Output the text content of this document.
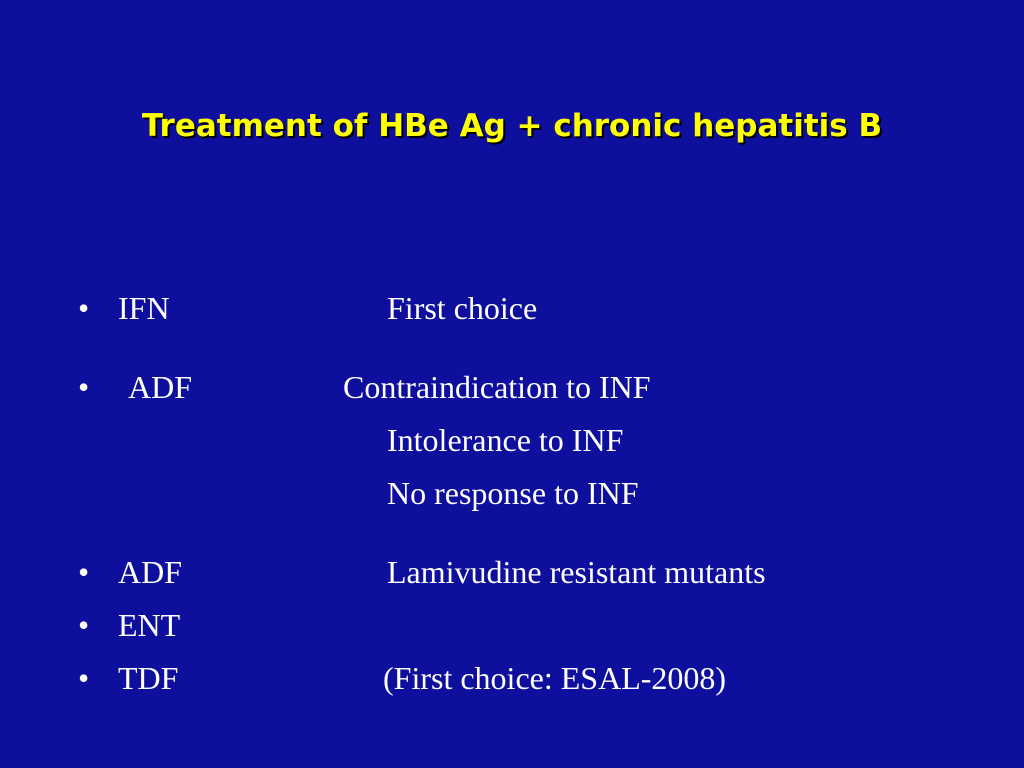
Treatment of HBe Ag + chronic hepatitis B
• IFN	First choice
• ADF	Contraindication to INF
Intolerance to INF
No response to INF
• ADF	Lamivudine resistant mutants
• ENT
• TDF	(First choice: ESAL-2008)
